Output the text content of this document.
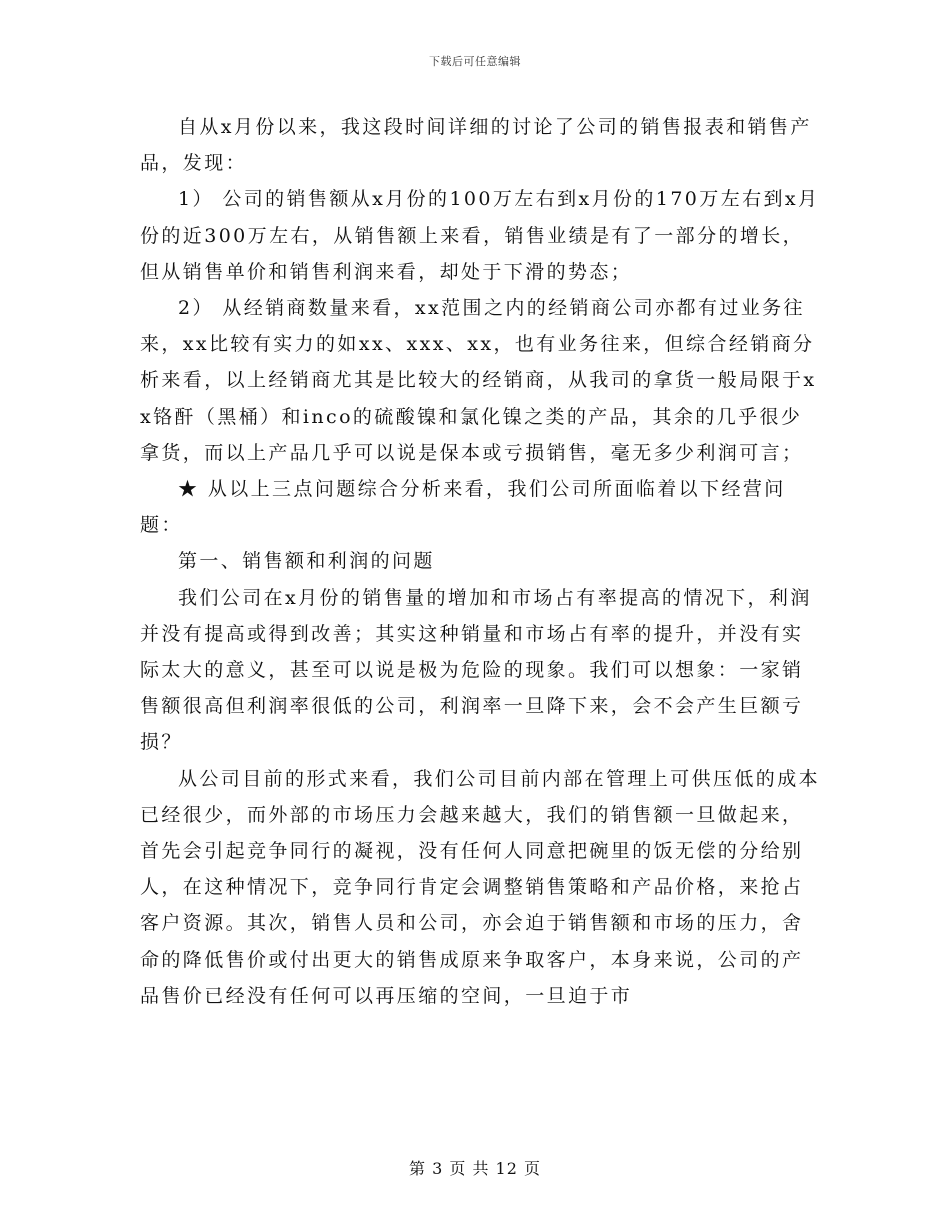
下载后可任意编辑

自从x月份以来，我这段时间详细的讨论了公司的销售报表和销售产品，发现：

1） 公司的销售额从x月份的100万左右到x月份的170万左右到x月份的近300万左右，从销售额上来看，销售业绩是有了一部分的增长，但从销售单价和销售利润来看，却处于下滑的势态；

2） 从经销商数量来看，xx范围之内的经销商公司亦都有过业务往来，xx比较有实力的如xx、xxx、xx，也有业务往来，但综合经销商分析来看，以上经销商尤其是比较大的经销商，从我司的拿货一般局限于xx铬酐（黑桶）和inco的硫酸镍和氯化镍之类的产品，其余的几乎很少拿货，而以上产品几乎可以说是保本或亏损销售，毫无多少利润可言；

★ 从以上三点问题综合分析来看，我们公司所面临着以下经营问题：

第一、销售额和利润的问题

我们公司在x月份的销售量的增加和市场占有率提高的情况下，利润并没有提高或得到改善；其实这种销量和市场占有率的提升，并没有实际太大的意义，甚至可以说是极为危险的现象。我们可以想象：一家销售额很高但利润率很低的公司，利润率一旦降下来，会不会产生巨额亏损？

从公司目前的形式来看，我们公司目前内部在管理上可供压低的成本已经很少，而外部的市场压力会越来越大，我们的销售额一旦做起来，首先会引起竞争同行的凝视，没有任何人同意把碗里的饭无偿的分给别人，在这种情况下，竞争同行肯定会调整销售策略和产品价格，来抢占客户资源。其次，销售人员和公司，亦会迫于销售额和市场的压力，舍命的降低售价或付出更大的销售成原来争取客户，本身来说，公司的产品售价已经没有任何可以再压缩的空间，一旦迫于市

第 3 页 共 12 页
